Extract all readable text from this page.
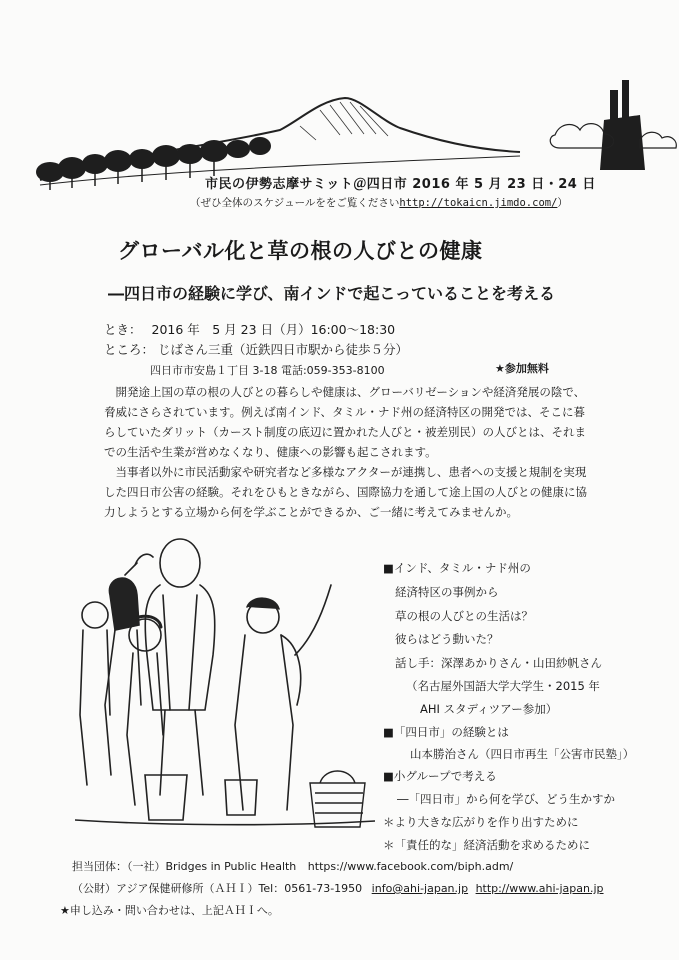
市民の伊勢志摩サミット＠四日市 2016 年 5 月 23 日・24 日
（ぜひ全体のスケジュールををご覧くださいhttp://tokaicn.jimdo.com/）
グローバル化と草の根の人びとの健康
―四日市の経験に学び、南インドで起こっていることを考える
とき： 2016 年　5 月 23 日（月）16:00～18:30
ところ： じばさん三重（近鉄四日市駅から徒歩５分）
四日市市安島１丁目 3-18 電話:059-353-8100	★参加無料

開発途上国の草の根の人びとの暮らしや健康は、グローバリゼーションや経済発展の陰で、脅威にさらされています。例えば南インド、タミル・ナド州の経済特区の開発では、そこに暮らしていたダリット（カースト制度の底辺に置かれた人びと・被差別民）の人びとは、それまでの生活や生業が営めなくなり、健康への影響も起こされます。

当事者以外に市民活動家や研究者など多様なアクターが連携し、患者への支援と規制を実現した四日市公害の経験。それをひもときながら、国際協力を通して途上国の人びとの健康に協力しようとする立場から何を学ぶことができるか、ご一緒に考えてみませんか。

■インド、タミル・ナド州の
経済特区の事例から
草の根の人びとの生活は？
彼らはどう動いた？
話し手：深澤あかりさん・山田紗帆さん
（名古屋外国語大学大学生・2015 年
AHI スタディツアー参加）
■「四日市」の経験とは
山本勝治さん（四日市再生「公害市民塾」）
■小グループで考える
―「四日市」から何を学び、どう生かすか
＊より大きな広がりを作り出すために
＊「責任的な」経済活動を求めるために
担当団体：（一社）Bridges in Public Health https://www.facebook.com/biph.adm/
（公財）アジア保健研修所（ＡＨＩ）Tel：0561-73-1950 info@ahi-japan.jp http://www.ahi-japan.jp
★申し込み・問い合わせは、上記ＡＨＩへ。
